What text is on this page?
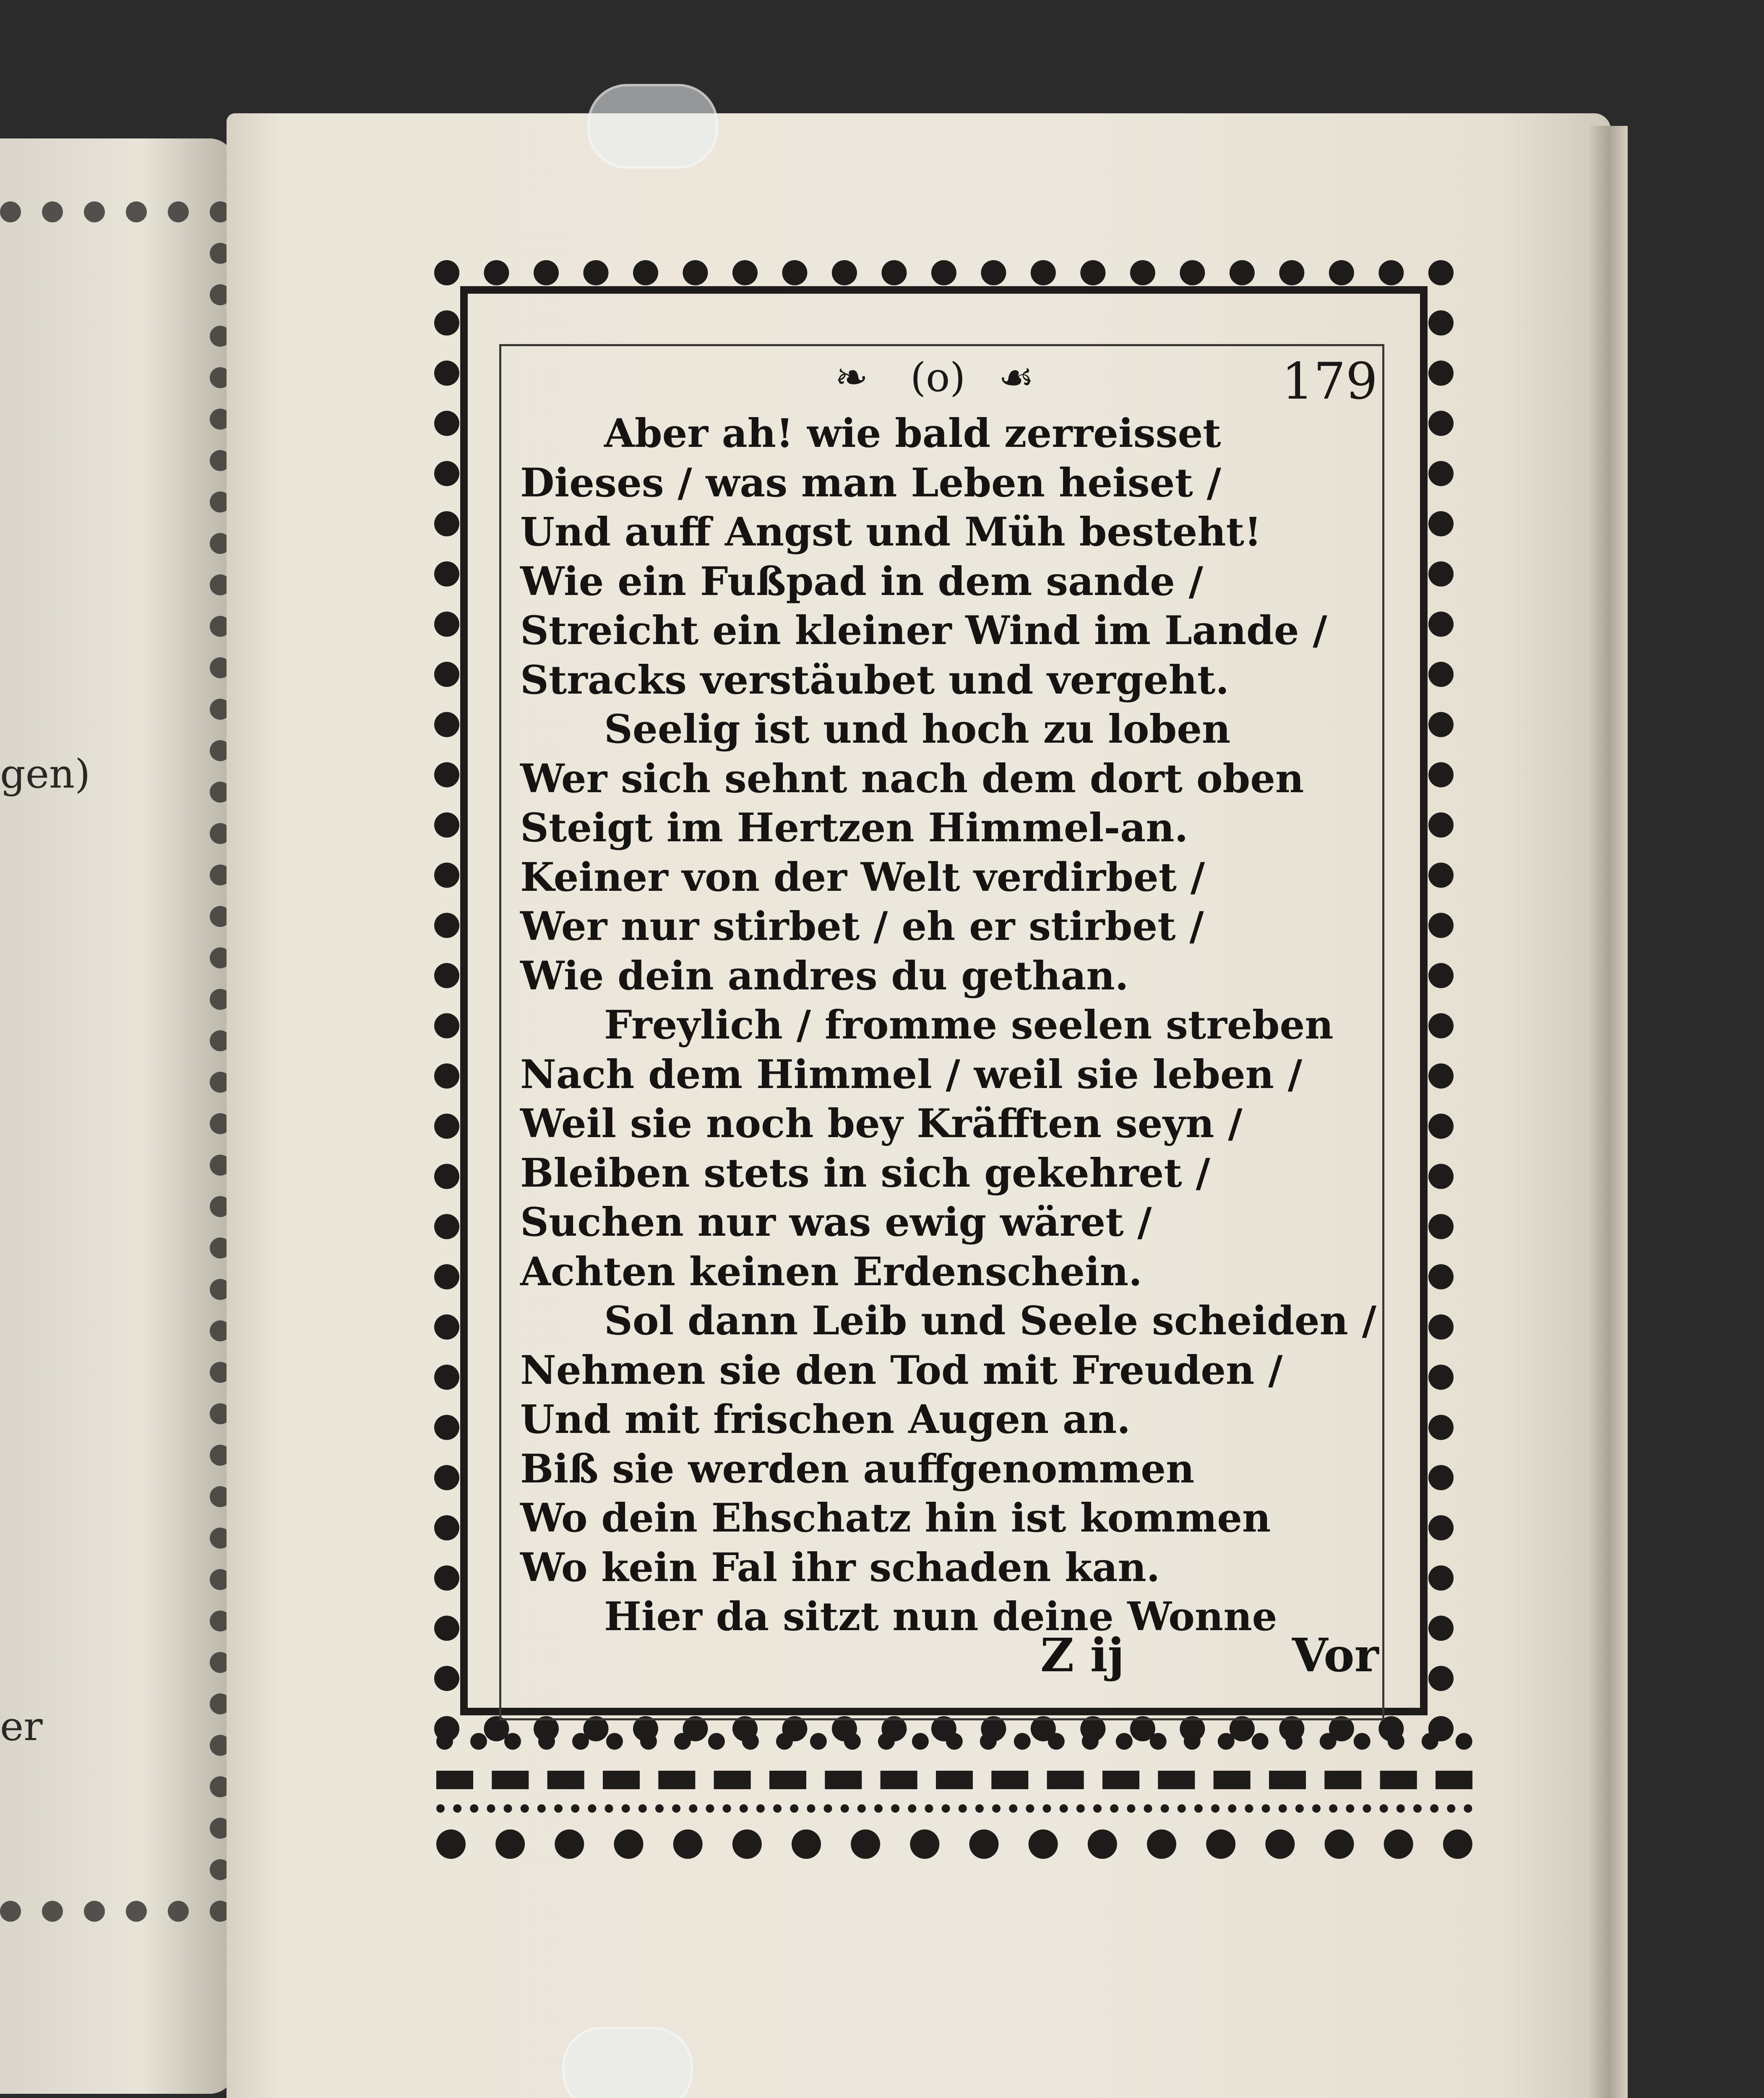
gen)
er
❧ (o) ☙	179
Aber ah! wie bald zerreisset
Dieses / was man Leben heiset /
Und auff Angst und Müh besteht!
Wie ein Fußpad in dem sande /
Streicht ein kleiner Wind im Lande /
Stracks verstäubet und vergeht.
Seelig ist und hoch zu loben
Wer sich sehnt nach dem dort oben
Steigt im Hertzen Himmel-an.
Keiner von der Welt verdirbet /
Wer nur stirbet / eh er stirbet /
Wie dein andres du gethan.
Freylich / fromme seelen streben
Nach dem Himmel / weil sie leben /
Weil sie noch bey Kräfften seyn /
Bleiben stets in sich gekehret /
Suchen nur was ewig wäret /
Achten keinen Erdenschein.
Sol dann Leib und Seele scheiden /
Nehmen sie den Tod mit Freuden /
Und mit frischen Augen an.
Biß sie werden auffgenommen
Wo dein Ehschatz hin ist kommen
Wo kein Fal ihr schaden kan.
Hier da sitzt nun deine Wonne
Z ij	Vor
